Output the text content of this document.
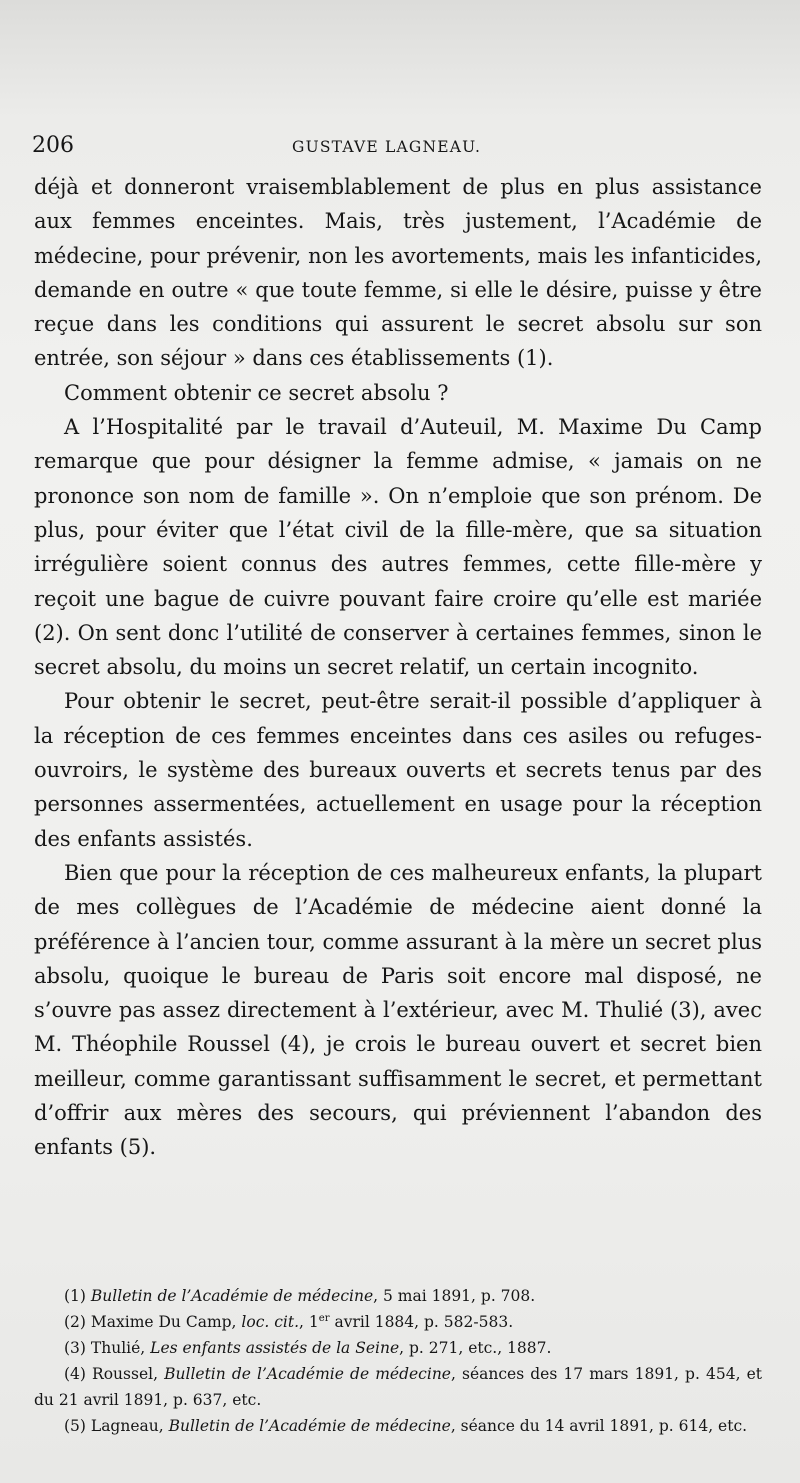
206	GUSTAVE LAGNEAU.

déjà et donneront vraisemblablement de plus en plus assistance aux femmes enceintes. Mais, très justement, l’Académie de médecine, pour prévenir, non les avortements, mais les infanticides, demande en outre « que toute femme, si elle le désire, puisse y être reçue dans les conditions qui assurent le secret absolu sur son entrée, son séjour » dans ces établissements (1).

Comment obtenir ce secret absolu ?

A l’Hospitalité par le travail d’Auteuil, M. Maxime Du Camp remarque que pour désigner la femme admise, « jamais on ne prononce son nom de famille ». On n’emploie que son prénom. De plus, pour éviter que l’état civil de la fille-mère, que sa situation irrégulière soient connus des autres femmes, cette fille-mère y reçoit une bague de cuivre pouvant faire croire qu’elle est mariée (2). On sent donc l’utilité de conserver à certaines femmes, sinon le secret absolu, du moins un secret relatif, un certain incognito.

Pour obtenir le secret, peut-être serait-il possible d’appliquer à la réception de ces femmes enceintes dans ces asiles ou refuges-ouvroirs, le système des bureaux ouverts et secrets tenus par des personnes assermentées, actuellement en usage pour la réception des enfants assistés.

Bien que pour la réception de ces malheureux enfants, la plupart de mes collègues de l’Académie de médecine aient donné la préférence à l’ancien tour, comme assurant à la mère un secret plus absolu, quoique le bureau de Paris soit encore mal disposé, ne s’ouvre pas assez directement à l’extérieur, avec M. Thulié (3), avec M. Théophile Roussel (4), je crois le bureau ouvert et secret bien meilleur, comme garantissant suffisamment le secret, et permettant d’offrir aux mères des secours, qui préviennent l’abandon des enfants (5).

(1) Bulletin de l’Académie de médecine, 5 mai 1891, p. 708.

(2) Maxime Du Camp, loc. cit., 1er avril 1884, p. 582-583.

(3) Thulié, Les enfants assistés de la Seine, p. 271, etc., 1887.

(4) Roussel, Bulletin de l’Académie de médecine, séances des 17 mars 1891, p. 454, et du 21 avril 1891, p. 637, etc.

(5) Lagneau, Bulletin de l’Académie de médecine, séance du 14 avril 1891, p. 614, etc.
